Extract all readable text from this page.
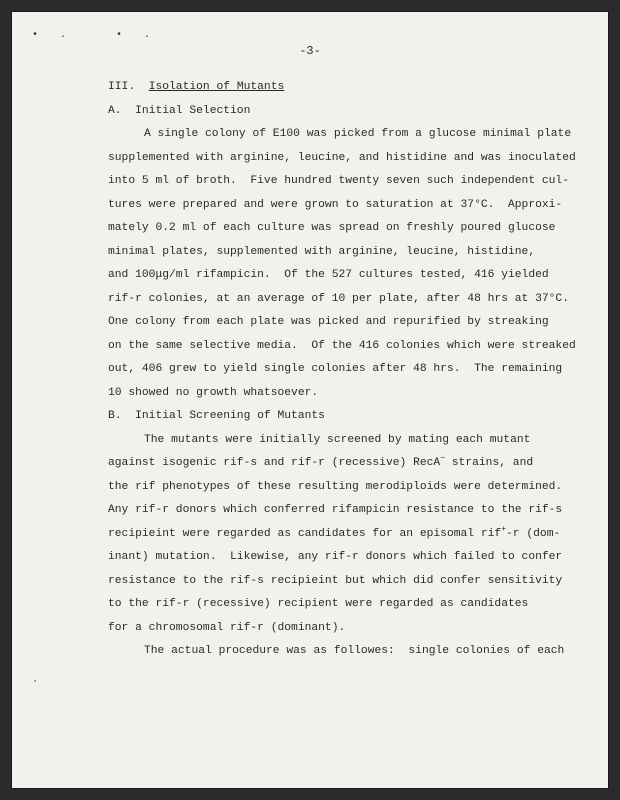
•. •.
-3-
III. Isolation of Mutants
A.  Initial Selection
A single colony of E100 was picked from a glucose minimal plate
supplemented with arginine, leucine, and histidine and was inoculated
into 5 ml of broth.  Five hundred twenty seven such independent cul-
tures were prepared and were grown to saturation at 37°C.  Approxi-
mately 0.2 ml of each culture was spread on freshly poured glucose
minimal plates, supplemented with arginine, leucine, histidine,
and 100μg/ml rifampicin.  Of the 527 cultures tested, 416 yielded
rif-r colonies, at an average of 10 per plate, after 48 hrs at 37°C.
One colony from each plate was picked and repurified by streaking
on the same selective media.  Of the 416 colonies which were streaked
out, 406 grew to yield single colonies after 48 hrs.  The remaining
10 showed no growth whatsoever.
B.  Initial Screening of Mutants
The mutants were initially screened by mating each mutant
against isogenic rif-s and rif-r (recessive) RecA− strains, and
the rif phenotypes of these resulting merodiploids were determined.
Any rif-r donors which conferred rifampicin resistance to the rif-s
recipieint were regarded as candidates for an episomal rif+-r (dom-
inant) mutation.  Likewise, any rif-r donors which failed to confer
resistance to the rif-s recipieint but which did confer sensitivity
to the rif-r (recessive) recipient were regarded as candidates
for a chromosomal rif-r (dominant).
The actual procedure was as followes:  single colonies of each
